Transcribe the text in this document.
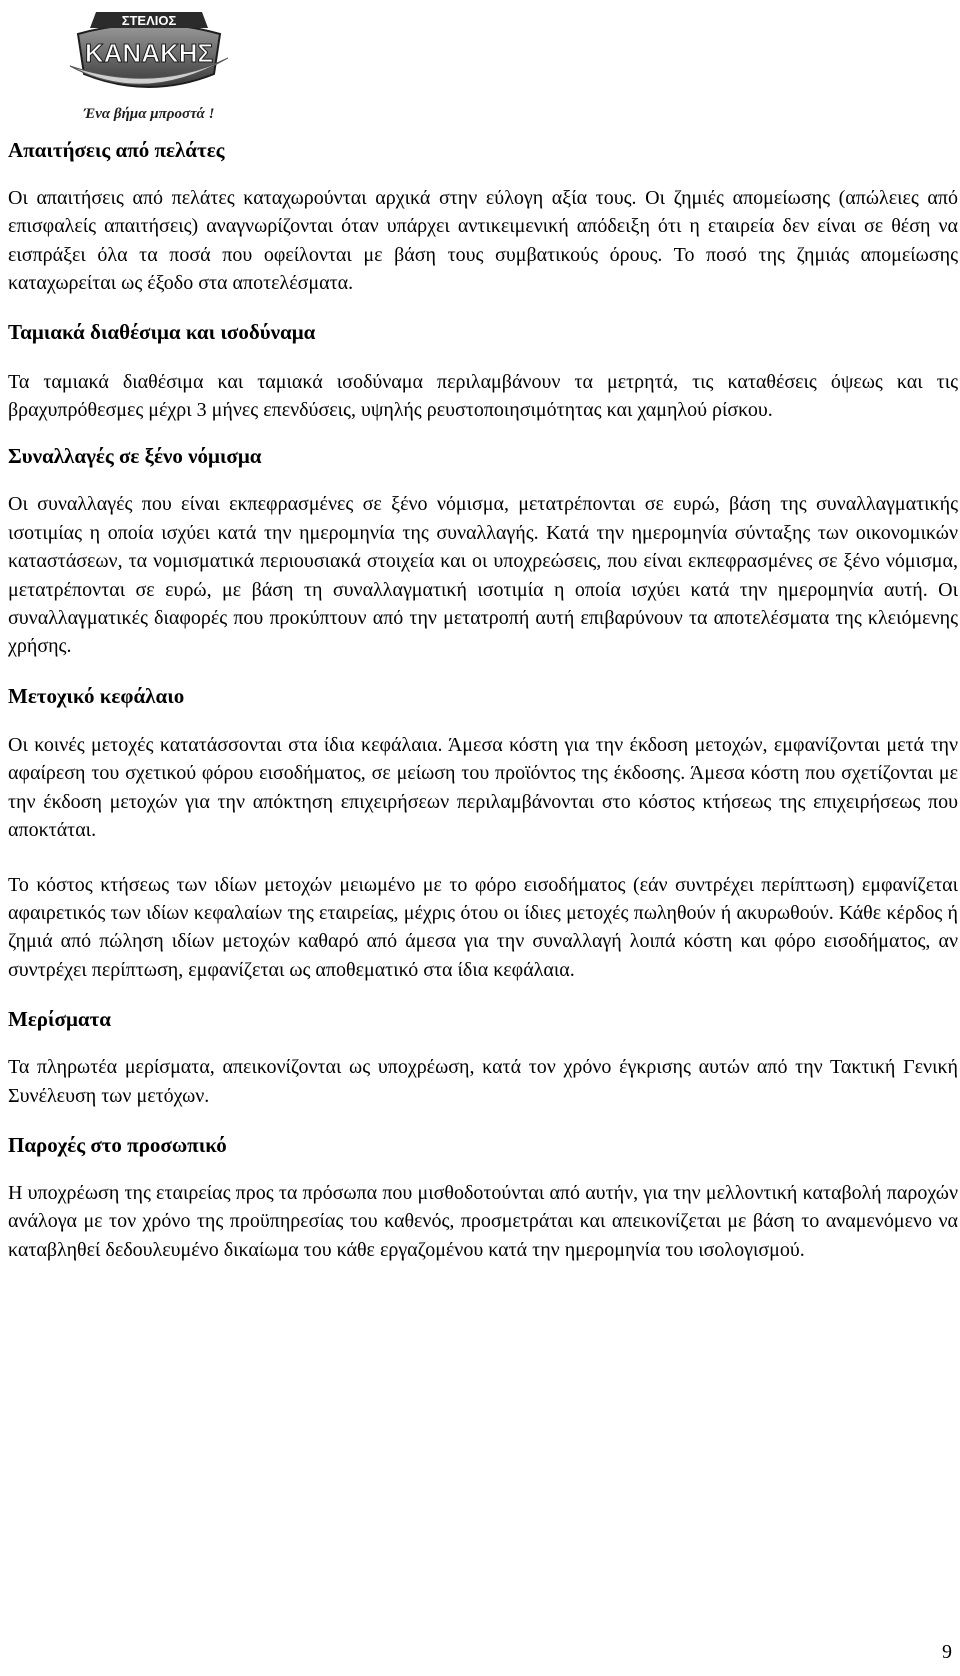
ΣΤΕΛΙΟΣ
ΚΑΝΑΚΗΣ
Ένα βήμα μπροστά !
Απαιτήσεις από πελάτες

Οι απαιτήσεις από πελάτες καταχωρούνται αρχικά στην εύλογη αξία τους. Οι ζημιές απομείωσης (απώλειες από επισφαλείς απαιτήσεις) αναγνωρίζονται όταν υπάρχει αντικειμενική απόδειξη ότι η εταιρεία δεν είναι σε θέση να εισπράξει όλα τα ποσά που οφείλονται με βάση τους συμβατικούς όρους. Το ποσό της ζημιάς απομείωσης καταχωρείται ως έξοδο στα αποτελέσματα.

Ταμιακά διαθέσιμα και ισοδύναμα

Τα ταμιακά διαθέσιμα και ταμιακά ισοδύναμα περιλαμβάνουν τα μετρητά, τις καταθέσεις όψεως και τις βραχυπρόθεσμες μέχρι 3 μήνες επενδύσεις, υψηλής ρευστοποιησιμότητας και χαμηλού ρίσκου.

Συναλλαγές σε ξένο νόμισμα

Οι συναλλαγές που είναι εκπεφρασμένες σε ξένο νόμισμα, μετατρέπονται σε ευρώ, βάση της συναλλαγματικής ισοτιμίας η οποία ισχύει κατά την ημερομηνία της συναλλαγής. Κατά την ημερομηνία σύνταξης των οικονομικών καταστάσεων, τα νομισματικά περιουσιακά στοιχεία και οι υποχρεώσεις, που είναι εκπεφρασμένες σε ξένο νόμισμα, μετατρέπονται σε ευρώ, με βάση τη συναλλαγματική ισοτιμία η οποία ισχύει κατά την ημερομηνία αυτή. Οι συναλλαγματικές διαφορές που προκύπτουν από την μετατροπή αυτή επιβαρύνουν τα αποτελέσματα της κλειόμενης χρήσης.

Μετοχικό κεφάλαιο

Οι κοινές μετοχές κατατάσσονται στα ίδια κεφάλαια. Άμεσα κόστη για την έκδοση μετοχών, εμφανίζονται μετά την αφαίρεση του σχετικού φόρου εισοδήματος, σε μείωση του προϊόντος της έκδοσης. Άμεσα κόστη που σχετίζονται με την έκδοση μετοχών για την απόκτηση επιχειρήσεων περιλαμβάνονται στο κόστος κτήσεως της επιχειρήσεως που αποκτάται.

Το κόστος κτήσεως των ιδίων μετοχών μειωμένο με το φόρο εισοδήματος (εάν συντρέχει περίπτωση) εμφανίζεται αφαιρετικός των ιδίων κεφαλαίων της εταιρείας, μέχρις ότου οι ίδιες μετοχές πωληθούν ή ακυρωθούν. Κάθε κέρδος ή ζημιά από πώληση ιδίων μετοχών καθαρό από άμεσα για την συναλλαγή λοιπά κόστη και φόρο εισοδήματος, αν συντρέχει περίπτωση, εμφανίζεται ως αποθεματικό στα ίδια κεφάλαια.

Μερίσματα

Τα πληρωτέα μερίσματα, απεικονίζονται ως υποχρέωση, κατά τον χρόνο έγκρισης αυτών από την Τακτική Γενική Συνέλευση των μετόχων.

Παροχές στο προσωπικό

Η υποχρέωση της εταιρείας προς τα πρόσωπα που μισθοδοτούνται από αυτήν, για την μελλοντική καταβολή παροχών ανάλογα με τον χρόνο της προϋπηρεσίας του καθενός, προσμετράται και απεικονίζεται με βάση το αναμενόμενο να καταβληθεί δεδουλευμένο δικαίωμα του κάθε εργαζομένου κατά την ημερομηνία του ισολογισμού.

9
